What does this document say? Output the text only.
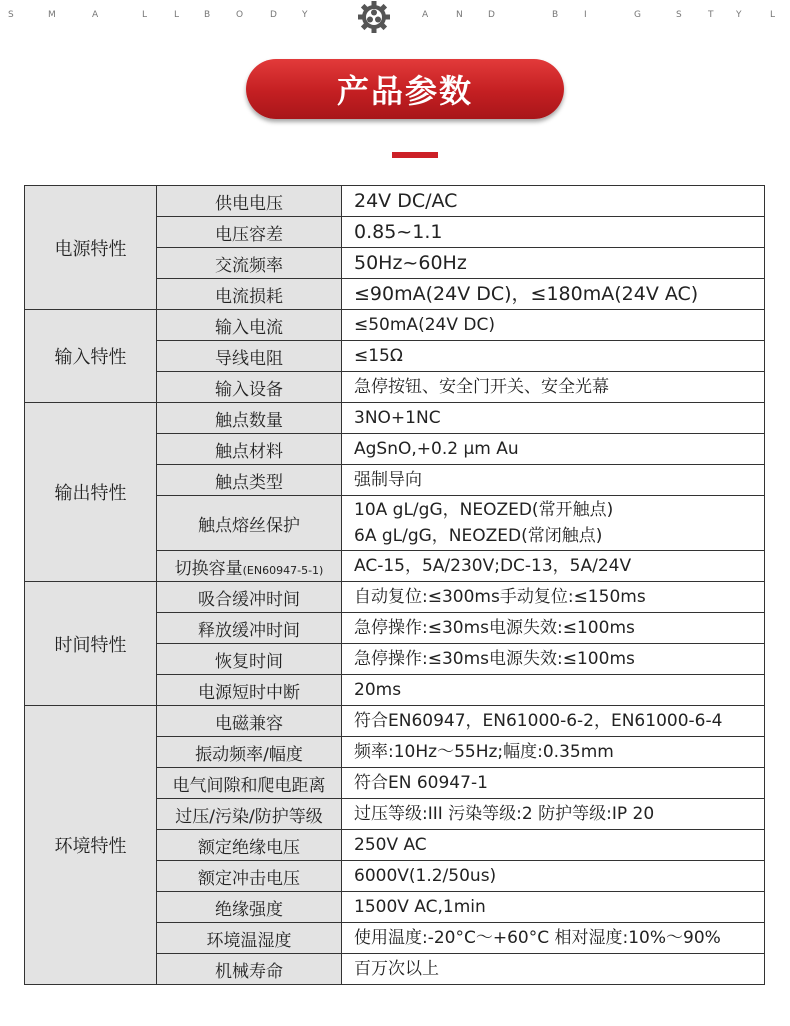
S	M	A	L	L	B	O	D	Y	A	N	D	B	I	G	S	T	Y	L
产品参数
电源特性	供电电压	24V DC/AC

	电压容差	0.85~1.1

	交流频率	50Hz~60Hz

	电流损耗	≤90mA(24V DC)，≤180mA(24V AC)

输入特性	输入电流	≤50mA(24V DC)

	导线电阻	≤15Ω

	输入设备	急停按钮、安全门开关、安全光幕

输出特性	触点数量	3NO+1NC

	触点材料	AgSnO,+0.2 μm Au

	触点类型	强制导向

	触点熔丝保护	10A gL/gG，NEOZED(常开触点)
6A gL/gG，NEOZED(常闭触点)

	切换容量(EN60947-5-1)	AC-15，5A/230V;DC-13，5A/24V

时间特性	吸合缓冲时间	自动复位:≤300ms手动复位:≤150ms

	释放缓冲时间	急停操作:≤30ms电源失效:≤100ms

	恢复时间	急停操作:≤30ms电源失效:≤100ms

	电源短时中断	20ms

环境特性	电磁兼容	符合EN60947，EN61000-6-2，EN61000-6-4

	振动频率/幅度	频率:10Hz～55Hz;幅度:0.35mm

	电气间隙和爬电距离	符合EN 60947-1

	过压/污染/防护等级	过压等级:III 污染等级:2 防护等级:IP 20

	额定绝缘电压	250V AC

	额定冲击电压	6000V(1.2/50us)

	绝缘强度	1500V AC,1min

	环境温湿度	使用温度:-20°C～+60°C 相对湿度:10%～90%

	机械寿命	百万次以上
